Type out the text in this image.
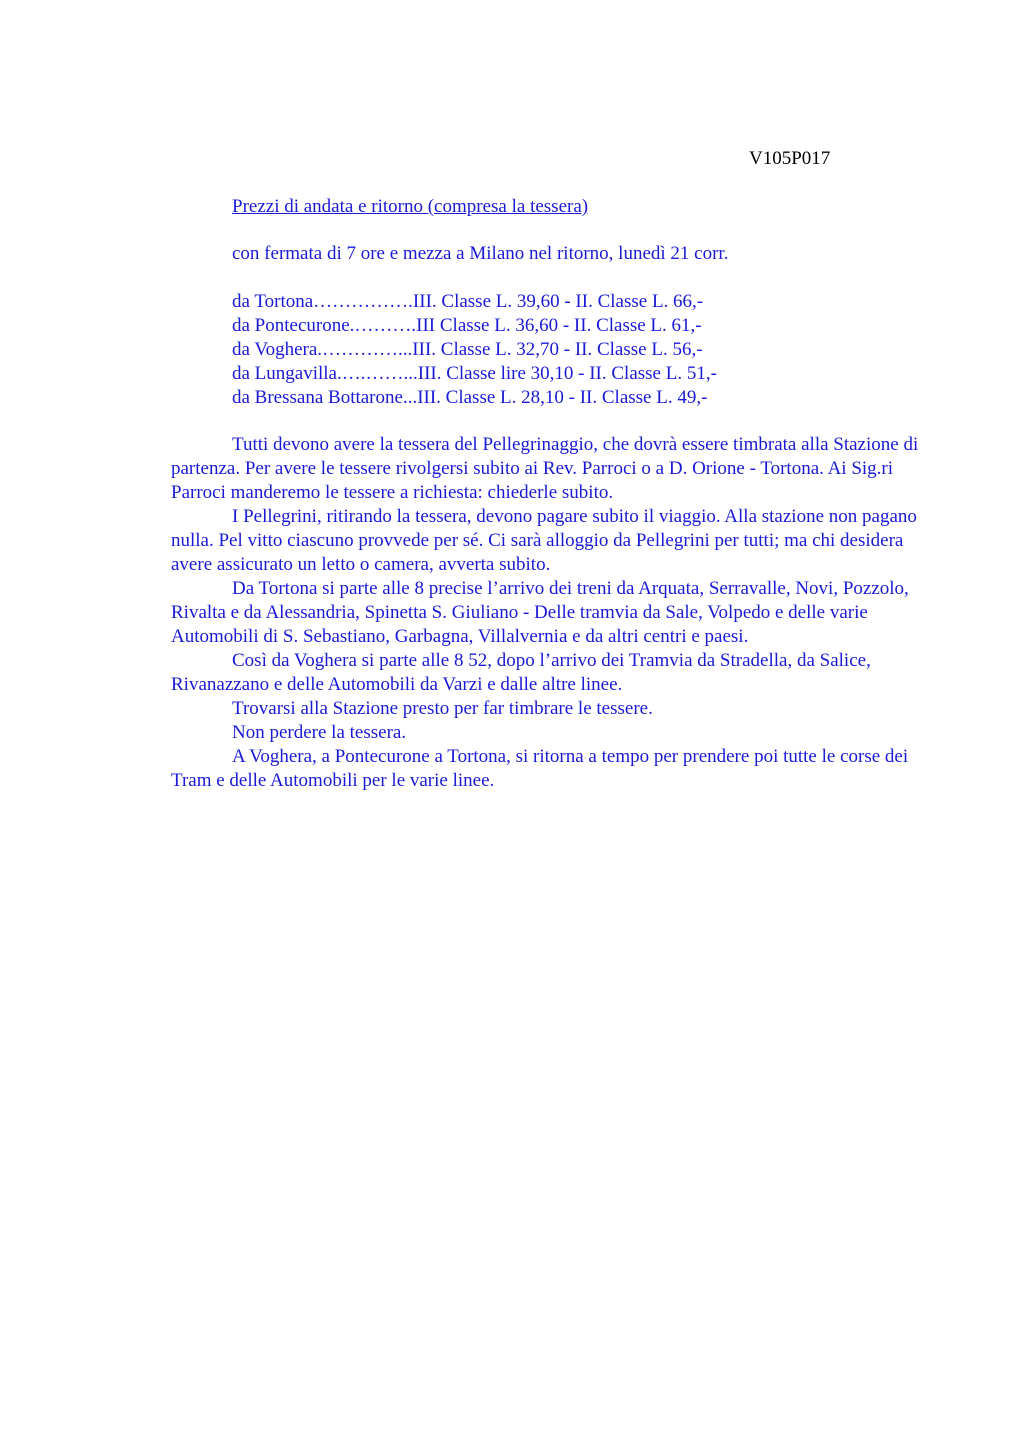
V105P017
Prezzi di andata e ritorno (compresa la tessera)
con fermata di 7 ore e mezza a Milano nel ritorno, lunedì 21 corr.
da Tortona…………….III. Classe L. 39,60 - II. Classe L. 66,-
da Pontecurone.……….III Classe L. 36,60 - II. Classe L. 61,-
da Voghera.…………...III. Classe L. 32,70 - II. Classe L. 56,-
da Lungavilla.….……...III. Classe lire 30,10 - II. Classe L. 51,-
da Bressana Bottarone...III. Classe L. 28,10 - II. Classe L. 49,-

Tutti devono avere la tessera del Pellegrinaggio, che dovrà essere timbrata alla Stazione di partenza. Per avere le tessere rivolgersi subito ai Rev. Parroci o a D. Orione - Tortona. Ai Sig.ri Parroci manderemo le tessere a richiesta: chiederle subito.

I Pellegrini, ritirando la tessera, devono pagare subito il viaggio. Alla stazione non pagano nulla. Pel vitto ciascuno provvede per sé. Ci sarà alloggio da Pellegrini per tutti; ma chi desidera avere assicurato un letto o camera, avverta subito.

Da Tortona si parte alle 8 precise l’arrivo dei treni da Arquata, Serravalle, Novi, Pozzolo, Rivalta e da Alessandria, Spinetta S. Giuliano - Delle tramvia da Sale, Volpedo e delle varie Automobili di S. Sebastiano, Garbagna, Villalvernia e da altri centri e paesi.

Così da Voghera si parte alle 8 52, dopo l’arrivo dei Tramvia da Stradella, da Salice, Rivanazzano e delle Automobili da Varzi e dalle altre linee.

Trovarsi alla Stazione presto per far timbrare le tessere.

Non perdere la tessera.

A Voghera, a Pontecurone a Tortona, si ritorna a tempo per prendere poi tutte le corse dei Tram e delle Automobili per le varie linee.
